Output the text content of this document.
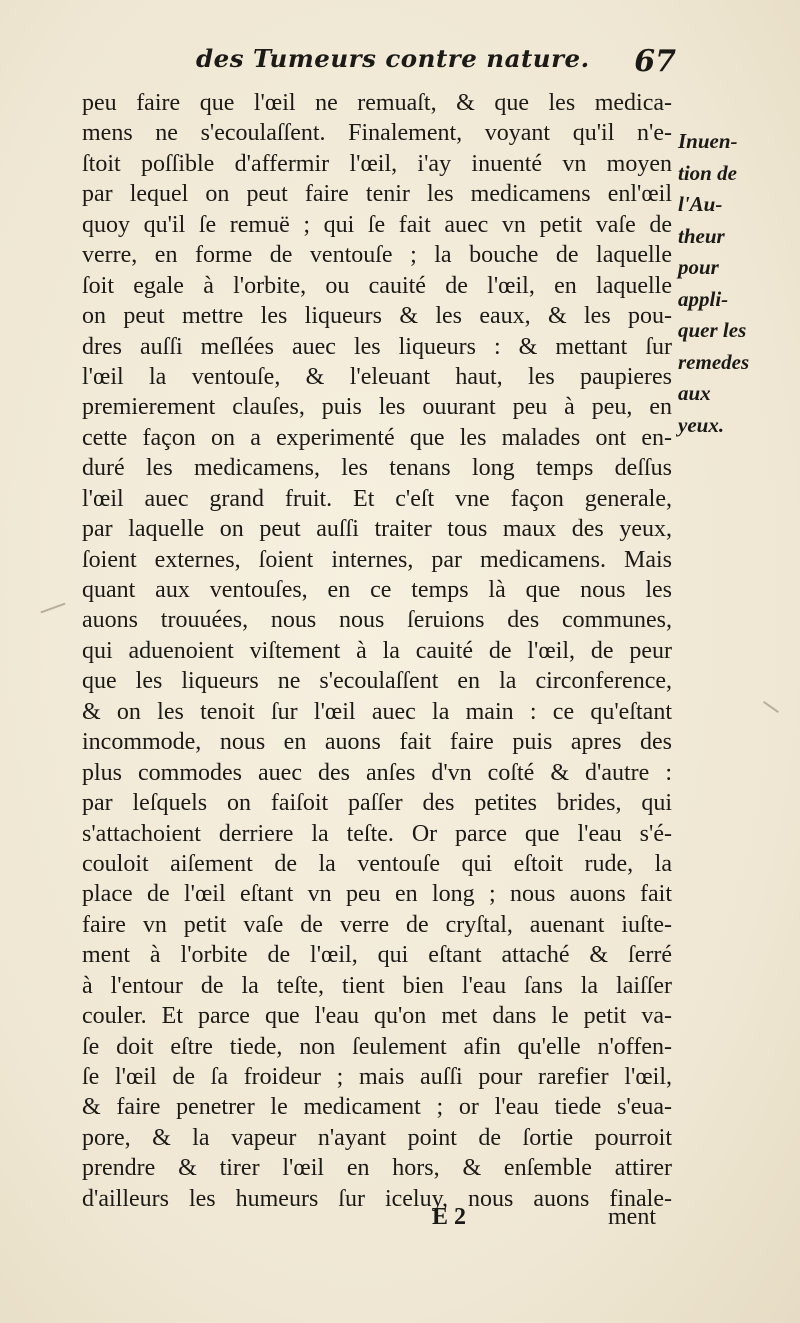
des Tumeurs contre nature. 67
peu faire que l'œil ne remuaſt, & que les medica-
mens ne s'ecoulaſſent. Finalement, voyant qu'il n'e-
ſtoit poſſible d'affermir l'œil, i'ay inuenté vn moyen
par lequel on peut faire tenir les medicamens enl'œil
quoy qu'il ſe remuë ; qui ſe fait auec vn petit vaſe de
verre, en forme de ventouſe ; la bouche de laquelle
ſoit egale à l'orbite, ou cauité de l'œil, en laquelle
on peut mettre les liqueurs & les eaux, & les pou-
dres auſſi meſlées auec les liqueurs : & mettant ſur
l'œil la ventouſe, & l'eleuant haut, les paupieres
premierement clauſes, puis les ouurant peu à peu, en
cette façon on a experimenté que les malades ont en-
duré les medicamens, les tenans long temps deſſus
l'œil auec grand fruit. Et c'eſt vne façon generale,
par laquelle on peut auſſi traiter tous maux des yeux,
ſoient externes, ſoient internes, par medicamens. Mais
quant aux ventouſes, en ce temps là que nous les
auons trouuées, nous nous ſeruions des communes,
qui aduenoient viſtement à la cauité de l'œil, de peur
que les liqueurs ne s'ecoulaſſent en la circonference,
& on les tenoit ſur l'œil auec la main : ce qu'eſtant
incommode, nous en auons fait faire puis apres des
plus commodes auec des anſes d'vn coſté & d'autre :
par leſquels on faiſoit paſſer des petites brides, qui
s'attachoient derriere la teſte. Or parce que l'eau s'é-
couloit aiſement de la ventouſe qui eſtoit rude, la
place de l'œil eſtant vn peu en long ; nous auons fait
faire vn petit vaſe de verre de cryſtal, auenant iuſte-
ment à l'orbite de l'œil, qui eſtant attaché & ſerré
à l'entour de la teſte, tient bien l'eau ſans la laiſſer
couler. Et parce que l'eau qu'on met dans le petit va-
ſe doit eſtre tiede, non ſeulement afin qu'elle n'offen-
ſe l'œil de ſa froideur ; mais auſſi pour rarefier l'œil,
& faire penetrer le medicament ; or l'eau tiede s'eua-
pore, & la vapeur n'ayant point de ſortie pourroit
prendre & tirer l'œil en hors, & enſemble attirer
d'ailleurs les humeurs ſur iceluy, nous auons finale-
Inuen-
tion de
l'Au-
theur
pour
appli-
quer les
remedes
aux
yeux.
E 2	ment
